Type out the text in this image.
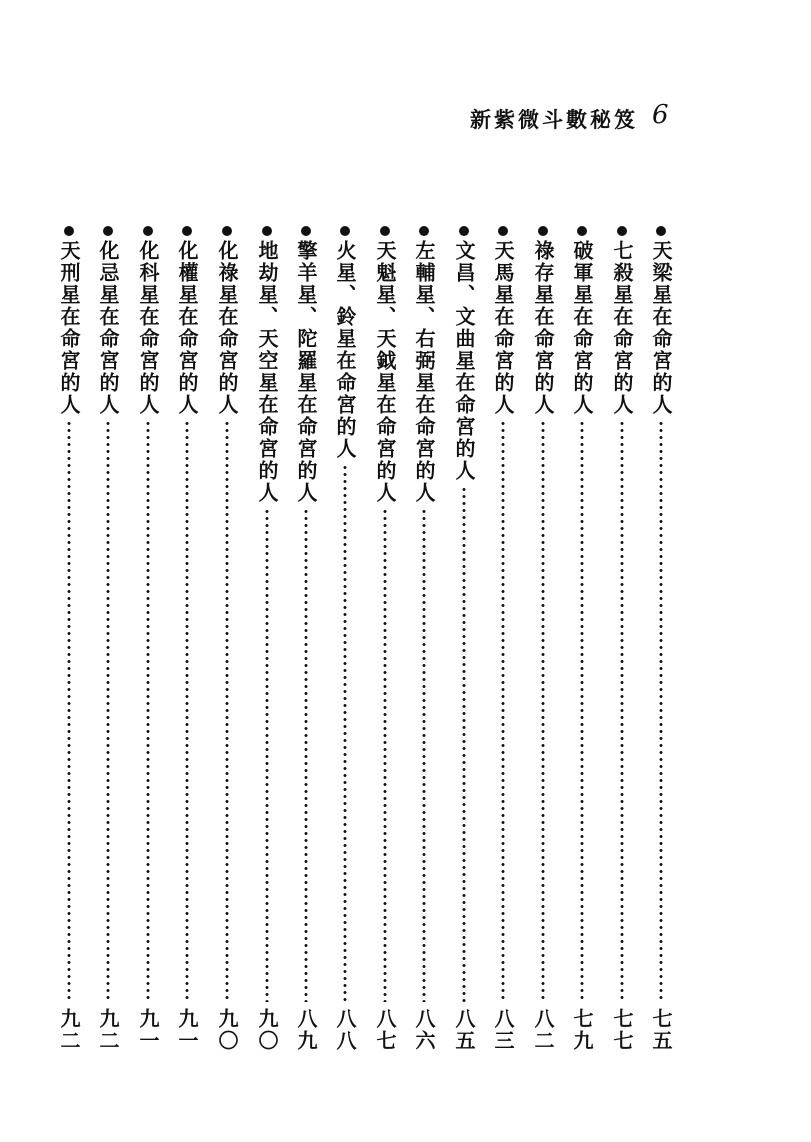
新紫微斗數秘笈 6
天梁星在命宮的人
七五
七殺星在命宮的人
七七
破軍星在命宮的人
七九
祿存星在命宮的人
八二
天馬星在命宮的人
八三
文昌、文曲星在命宮的人
八五
左輔星、右弼星在命宮的人
八六
天魁星、天鉞星在命宮的人
八七
火星、鈴星在命宮的人
八八
擎羊星、陀羅星在命宮的人
八九
地劫星、天空星在命宮的人
九〇
化祿星在命宮的人
九〇
化權星在命宮的人
九一
化科星在命宮的人
九一
化忌星在命宮的人
九二
天刑星在命宮的人
九二
